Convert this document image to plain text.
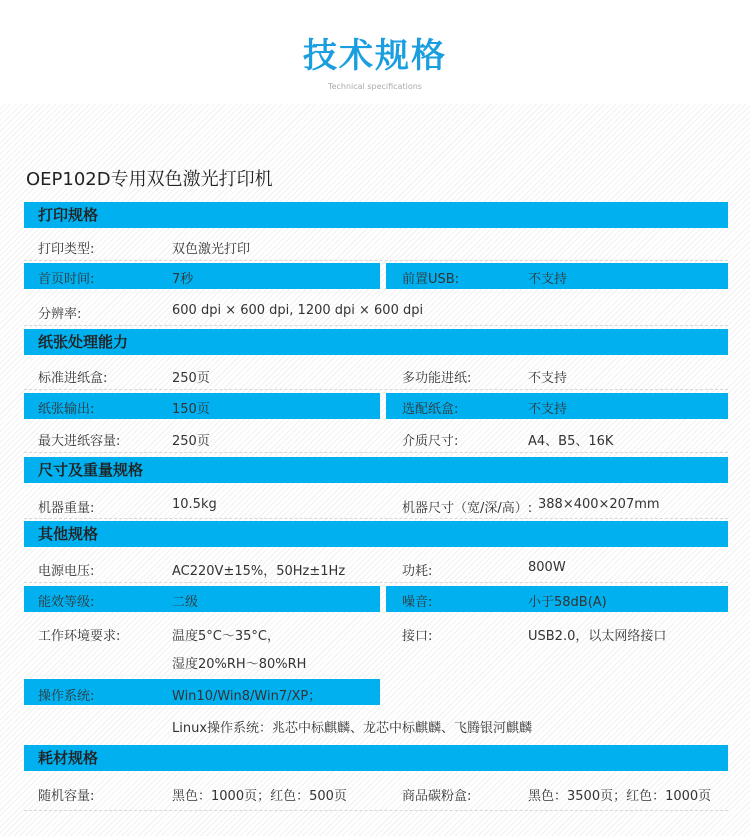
技术规格
Technical specifications
OEP102D专用双色激光打印机
打印规格
打印类型:	双色激光打印
首页时间:	7秒	前置USB:	不支持
分辨率:	600 dpi × 600 dpi, 1200 dpi × 600 dpi
纸张处理能力
标准进纸盒:	250页	多功能进纸:	不支持
纸张输出:	150页	选配纸盒:	不支持
最大进纸容量:	250页	介质尺寸:	A4、B5、16K
尺寸及重量规格
机器重量:	10.5kg	机器尺寸（宽/深/高）: 388×400×207mm
其他规格
电源电压:	AC220V±15%，50Hz±1Hz	功耗:	800W
能效等级:	二级	噪音:	小于58dB(A)
工作环境要求:	温度5°C～35°C，	接口:	USB2.0，以太网络接口
湿度20%RH～80%RH
操作系统:	Win10/Win8/Win7/XP；
Linux操作系统：兆芯中标麒麟、龙芯中标麒麟、飞腾银河麒麟
耗材规格
随机容量:	黑色：1000页；红色：500页	商品碳粉盒:	黑色：3500页；红色：1000页
